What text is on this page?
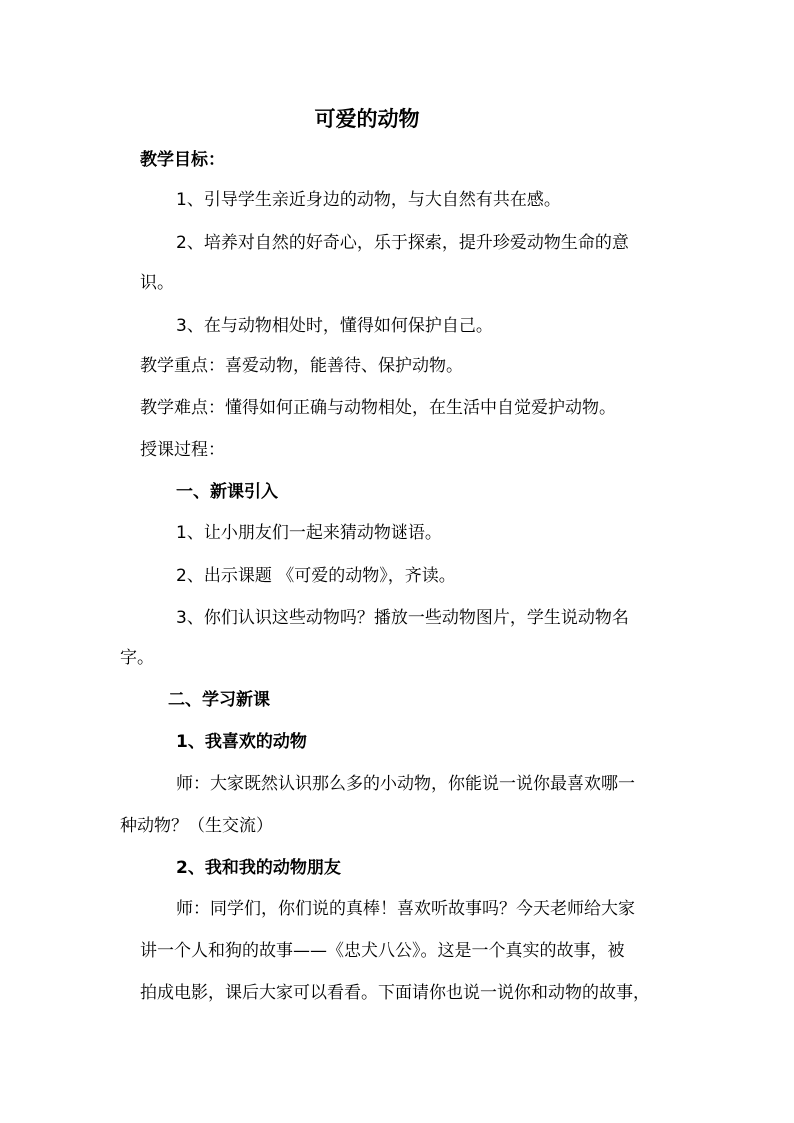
可爱的动物
教学目标：
1、引导学生亲近身边的动物，与大自然有共在感。
2、培养对自然的好奇心，乐于探索，提升珍爱动物生命的意
识。
3、在与动物相处时，懂得如何保护自己。
教学重点：喜爱动物，能善待、保护动物。
教学难点：懂得如何正确与动物相处，在生活中自觉爱护动物。
授课过程：
一、新课引入
1、让小朋友们一起来猜动物谜语。
2、出示课题 《可爱的动物》，齐读。
3、你们认识这些动物吗？播放一些动物图片，学生说动物名
字。
二、学习新课
1、我喜欢的动物
师：大家既然认识那么多的小动物，你能说一说你最喜欢哪一
种动物？（生交流）
2、我和我的动物朋友
师：同学们，你们说的真棒！喜欢听故事吗？今天老师给大家
讲一个人和狗的故事——《忠犬八公》。这是一个真实的故事，被
拍成电影，课后大家可以看看。下面请你也说一说你和动物的故事，
